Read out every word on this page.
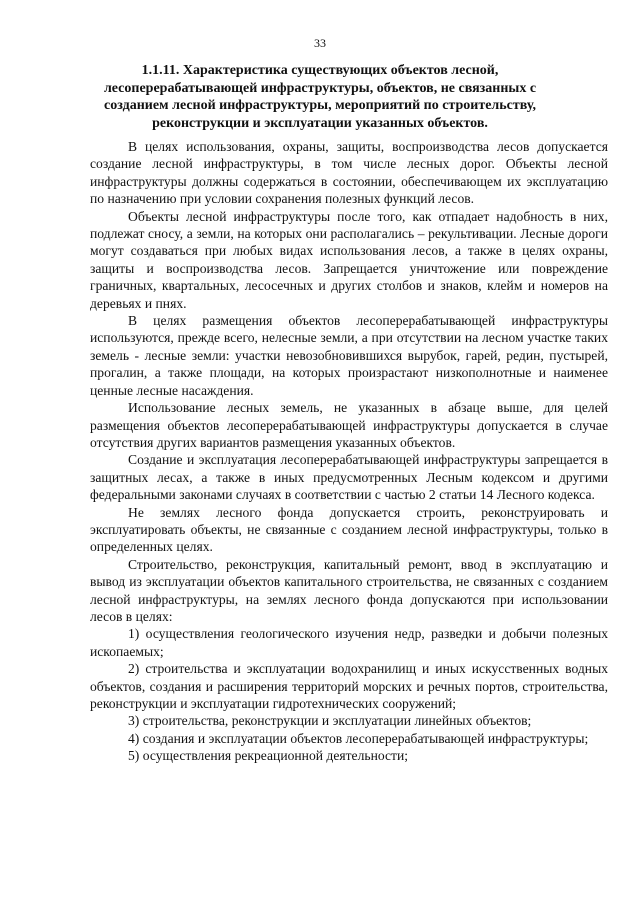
33
1.1.11. Характеристика существующих объектов лесной, лесоперерабатывающей инфраструктуры, объектов, не связанных с созданием лесной инфраструктуры, мероприятий по строительству, реконструкции и эксплуатации указанных объектов.

В целях использования, охраны, защиты, воспроизводства лесов допускается создание лесной инфраструктуры, в том числе лесных дорог. Объекты лесной инфраструктуры должны содержаться в состоянии, обеспечивающем их эксплуатацию по назначению при условии сохранения полезных функций лесов.

Объекты лесной инфраструктуры после того, как отпадает надобность в них, подлежат сносу, а земли, на которых они располагались – рекультивации. Лесные дороги могут создаваться при любых видах использования лесов, а также в целях охраны, защиты и воспроизводства лесов. Запрещается уничтожение или повреждение граничных, квартальных, лесосечных и других столбов и знаков, клейм и номеров на деревьях и пнях.

В целях размещения объектов лесоперерабатывающей инфраструктуры используются, прежде всего, нелесные земли, а при отсутствии на лесном участке таких земель - лесные земли: участки невозобновившихся вырубок, гарей, редин, пустырей, прогалин, а также площади, на которых произрастают низкополнотные и наименее ценные лесные насаждения.

Использование лесных земель, не указанных в абзаце выше, для целей размещения объектов лесоперерабатывающей инфраструктуры допускается в случае отсутствия других вариантов размещения указанных объектов.

Создание и эксплуатация лесоперерабатывающей инфраструктуры запрещается в защитных лесах, а также в иных предусмотренных Лесным кодексом и другими федеральными законами случаях в соответствии с частью 2 статьи 14 Лесного кодекса.

Не землях лесного фонда допускается строить, реконструировать и эксплуатировать объекты, не связанные с созданием лесной инфраструктуры, только в определенных целях.

Строительство, реконструкция, капитальный ремонт, ввод в эксплуатацию и вывод из эксплуатации объектов капитального строительства, не связанных с созданием лесной инфраструктуры, на землях лесного фонда допускаются при использовании лесов в целях:

1) осуществления геологического изучения недр, разведки и добычи полезных ископаемых;

2) строительства и эксплуатации водохранилищ и иных искусственных водных объектов, создания и расширения территорий морских и речных портов, строительства, реконструкции и эксплуатации гидротехнических сооружений;

3) строительства, реконструкции и эксплуатации линейных объектов;

4) создания и эксплуатации объектов лесоперерабатывающей инфраструктуры;

5) осуществления рекреационной деятельности;
